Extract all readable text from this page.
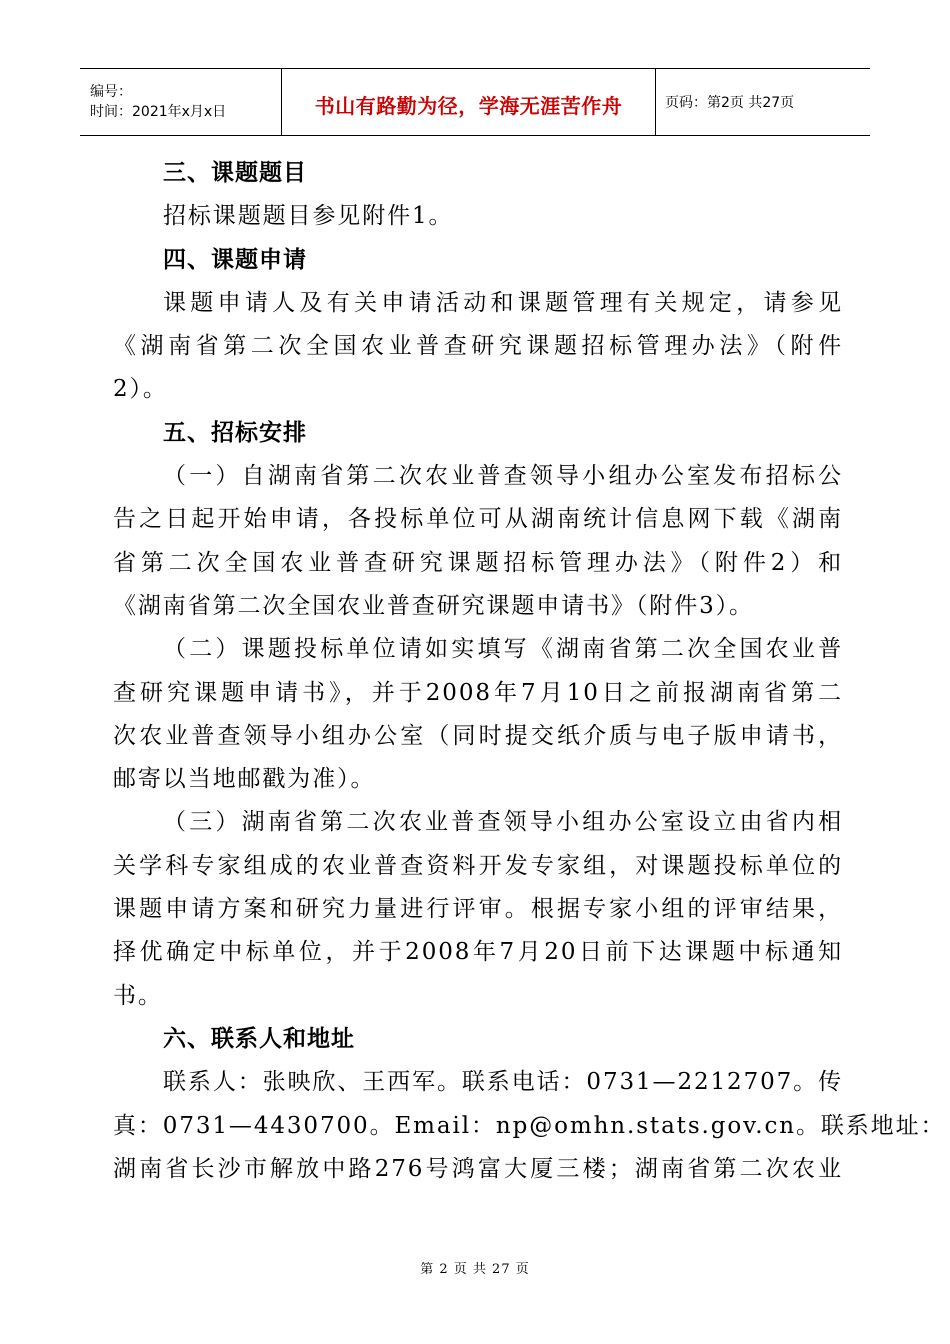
编号：
时间：2021年x月x日	书山有路勤为径，学海无涯苦作舟	页码：第2页 共27页
三、课题题目
招标课题题目参见附件1。
四、课题申请
课题申请人及有关申请活动和课题管理有关规定，请参见
《湖南省第二次全国农业普查研究课题招标管理办法》（附件
2）。
五、招标安排
（一）自湖南省第二次农业普查领导小组办公室发布招标公
告之日起开始申请，各投标单位可从湖南统计信息网下载《湖南
省第二次全国农业普查研究课题招标管理办法》（附件2）和
《湖南省第二次全国农业普查研究课题申请书》（附件3）。
（二）课题投标单位请如实填写《湖南省第二次全国农业普
查研究课题申请书》，并于2008年7月10日之前报湖南省第二
次农业普查领导小组办公室（同时提交纸介质与电子版申请书，
邮寄以当地邮戳为准）。
（三）湖南省第二次农业普查领导小组办公室设立由省内相
关学科专家组成的农业普查资料开发专家组，对课题投标单位的
课题申请方案和研究力量进行评审。根据专家小组的评审结果，
择优确定中标单位，并于2008年7月20日前下达课题中标通知
书。
六、联系人和地址
联系人：张映欣、王西军。联系电话：0731—2212707。传
真：0731—4430700。Email：np@omhn.stats.gov.cn。联系地址：
湖南省长沙市解放中路276号鸿富大厦三楼；湖南省第二次农业
第 2 页 共 27 页
